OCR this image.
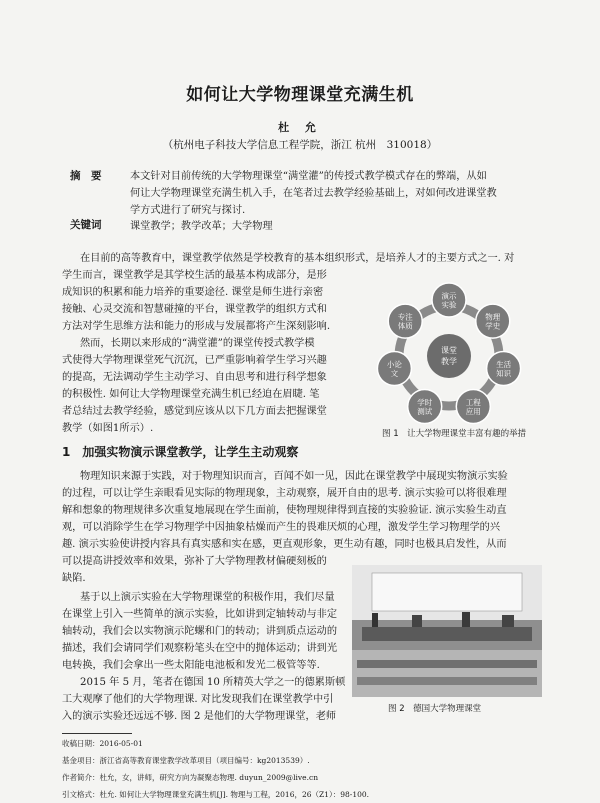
如何让大学物理课堂充满生机
杜 允
（杭州电子科技大学信息工程学院，浙江 杭州　310018）
摘　要	本文针对目前传统的大学物理课堂“满堂灌”的传授式教学模式存在的弊端，从如
何让大学物理课堂充满生机入手，在笔者过去教学经验基础上，对如何改进课堂教
学方式进行了研究与探讨.
关键词	课堂教学；教学改革；大学物理
在目前的高等教育中，课堂教学依然是学校教育的基本组织形式，是培养人才的主要方式之一. 对
学生而言，课堂教学是其学校生活的最基本构成部分，是形
成知识的积累和能力培养的重要途径. 课堂是师生进行亲密
接触、心灵交流和智慧碰撞的平台，课堂教学的组织方式和
方法对学生思维方法和能力的形成与发展都将产生深刻影响.
然而，长期以来形成的“满堂灌”的课堂传授式教学模
式使得大学物理课堂死气沉沉，已严重影响着学生学习兴趣
的提高，无法调动学生主动学习、自由思考和进行科学想象
的积极性. 如何让大学物理课堂充满生机已经迫在眉睫. 笔
者总结过去教学经验，感觉到应该从以下几方面去把握课堂
教学（如图1所示）.
课堂
教学
演示
实验
物理
学史
生活
知识
工程
应用
学时
测试
小论
文
专注
体质
图 1　让大学物理课堂丰富有趣的举措
1　加强实物演示课堂教学，让学生主动观察
物理知识来源于实践，对于物理知识而言，百闻不如一见，因此在课堂教学中展现实物演示实验
的过程，可以让学生亲眼看见实际的物理现象，主动观察，展开自由的思考. 演示实验可以将很难理
解和想象的物理规律多次重复地展现在学生面前，使物理规律得到直接的实验验证. 演示实验生动直
观，可以消除学生在学习物理学中因抽象枯燥而产生的畏难厌烦的心理，激发学生学习物理学的兴
趣. 演示实验使讲授内容具有真实感和实在感，更直观形象，更生动有趣，同时也极具启发性，从而
可以提高讲授效率和效果，弥补了大学物理教材偏硬刻板的
缺陷.
基于以上演示实验在大学物理课堂的积极作用，我们尽量
在课堂上引入一些简单的演示实验，比如讲到定轴转动与非定
轴转动，我们会以实物演示陀螺和门的转动；讲到质点运动的
描述，我们会请同学们观察粉笔头在空中的抛体运动；讲到光
电转换，我们会拿出一些太阳能电池板和发光二极管等等.
2015 年 5 月，笔者在德国 10 所精英大学之一的德累斯顿
工大观摩了他们的大学物理课. 对比发现我们在课堂教学中引
入的演示实验还远远不够. 图 2 是他们的大学物理课堂，老师
图 2　德国大学物理课堂
收稿日期：2016-05-01
基金项目：浙江省高等教育课堂教学改革项目（项目编号：kg2013539）.
作者简介：杜允，女，讲师，研究方向为凝聚态物理. duyun_2009@live.cn
引文格式：杜允. 如何让大学物理课堂充满生机[J]. 物理与工程，2016，26（Z1）：98-100.
